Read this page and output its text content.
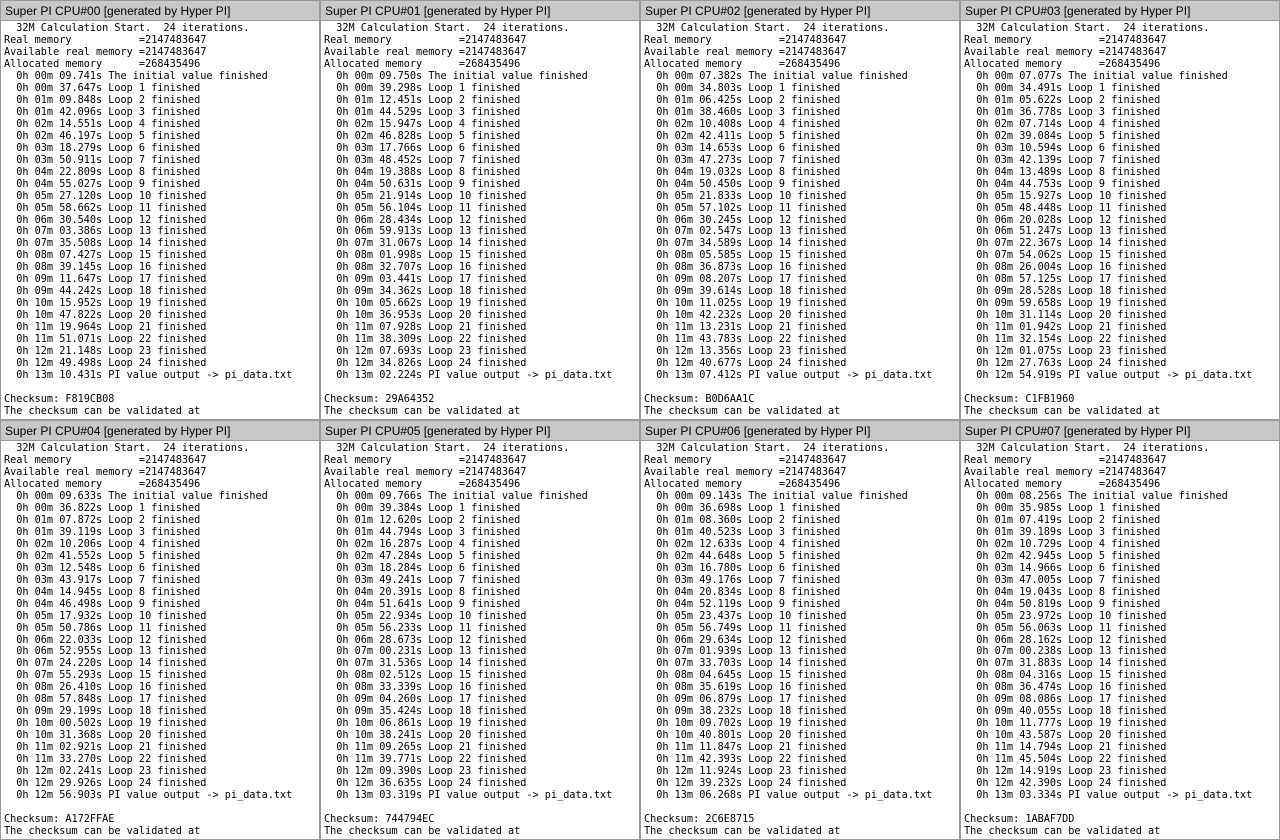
Super PI CPU#00 [generated by Hyper PI]
32M Calculation Start.  24 iterations.
Real memory           =2147483647
Available real memory =2147483647
Allocated memory      =268435496
0h 00m 09.741s The initial value finished
0h 00m 37.647s Loop 1 finished
0h 01m 09.848s Loop 2 finished
0h 01m 42.096s Loop 3 finished
0h 02m 14.551s Loop 4 finished
0h 02m 46.197s Loop 5 finished
0h 03m 18.279s Loop 6 finished
0h 03m 50.911s Loop 7 finished
0h 04m 22.809s Loop 8 finished
0h 04m 55.027s Loop 9 finished
0h 05m 27.120s Loop 10 finished
0h 05m 58.662s Loop 11 finished
0h 06m 30.540s Loop 12 finished
0h 07m 03.386s Loop 13 finished
0h 07m 35.508s Loop 14 finished
0h 08m 07.427s Loop 15 finished
0h 08m 39.145s Loop 16 finished
0h 09m 11.647s Loop 17 finished
0h 09m 44.242s Loop 18 finished
0h 10m 15.952s Loop 19 finished
0h 10m 47.822s Loop 20 finished
0h 11m 19.964s Loop 21 finished
0h 11m 51.071s Loop 22 finished
0h 12m 21.148s Loop 23 finished
0h 12m 49.498s Loop 24 finished
0h 13m 10.431s PI value output -> pi_data.txt
Checksum: F819CB08
The checksum can be validated at
Super PI CPU#01 [generated by Hyper PI]
32M Calculation Start.  24 iterations.
Real memory           =2147483647
Available real memory =2147483647
Allocated memory      =268435496
0h 00m 09.750s The initial value finished
0h 00m 39.298s Loop 1 finished
0h 01m 12.451s Loop 2 finished
0h 01m 44.529s Loop 3 finished
0h 02m 15.947s Loop 4 finished
0h 02m 46.828s Loop 5 finished
0h 03m 17.766s Loop 6 finished
0h 03m 48.452s Loop 7 finished
0h 04m 19.388s Loop 8 finished
0h 04m 50.631s Loop 9 finished
0h 05m 21.914s Loop 10 finished
0h 05m 56.104s Loop 11 finished
0h 06m 28.434s Loop 12 finished
0h 06m 59.913s Loop 13 finished
0h 07m 31.067s Loop 14 finished
0h 08m 01.998s Loop 15 finished
0h 08m 32.707s Loop 16 finished
0h 09m 03.441s Loop 17 finished
0h 09m 34.362s Loop 18 finished
0h 10m 05.662s Loop 19 finished
0h 10m 36.953s Loop 20 finished
0h 11m 07.928s Loop 21 finished
0h 11m 38.309s Loop 22 finished
0h 12m 07.693s Loop 23 finished
0h 12m 34.826s Loop 24 finished
0h 13m 02.224s PI value output -> pi_data.txt
Checksum: 29A64352
The checksum can be validated at
Super PI CPU#02 [generated by Hyper PI]
32M Calculation Start.  24 iterations.
Real memory           =2147483647
Available real memory =2147483647
Allocated memory      =268435496
0h 00m 07.382s The initial value finished
0h 00m 34.803s Loop 1 finished
0h 01m 06.425s Loop 2 finished
0h 01m 38.460s Loop 3 finished
0h 02m 10.408s Loop 4 finished
0h 02m 42.411s Loop 5 finished
0h 03m 14.653s Loop 6 finished
0h 03m 47.273s Loop 7 finished
0h 04m 19.032s Loop 8 finished
0h 04m 50.450s Loop 9 finished
0h 05m 21.833s Loop 10 finished
0h 05m 57.102s Loop 11 finished
0h 06m 30.245s Loop 12 finished
0h 07m 02.547s Loop 13 finished
0h 07m 34.589s Loop 14 finished
0h 08m 05.585s Loop 15 finished
0h 08m 36.873s Loop 16 finished
0h 09m 08.207s Loop 17 finished
0h 09m 39.614s Loop 18 finished
0h 10m 11.025s Loop 19 finished
0h 10m 42.232s Loop 20 finished
0h 11m 13.231s Loop 21 finished
0h 11m 43.783s Loop 22 finished
0h 12m 13.356s Loop 23 finished
0h 12m 40.677s Loop 24 finished
0h 13m 07.412s PI value output -> pi_data.txt
Checksum: B0D6AA1C
The checksum can be validated at
Super PI CPU#03 [generated by Hyper PI]
32M Calculation Start.  24 iterations.
Real memory           =2147483647
Available real memory =2147483647
Allocated memory      =268435496
0h 00m 07.077s The initial value finished
0h 00m 34.491s Loop 1 finished
0h 01m 05.622s Loop 2 finished
0h 01m 36.778s Loop 3 finished
0h 02m 07.714s Loop 4 finished
0h 02m 39.084s Loop 5 finished
0h 03m 10.594s Loop 6 finished
0h 03m 42.139s Loop 7 finished
0h 04m 13.489s Loop 8 finished
0h 04m 44.753s Loop 9 finished
0h 05m 15.927s Loop 10 finished
0h 05m 48.448s Loop 11 finished
0h 06m 20.028s Loop 12 finished
0h 06m 51.247s Loop 13 finished
0h 07m 22.367s Loop 14 finished
0h 07m 54.062s Loop 15 finished
0h 08m 26.004s Loop 16 finished
0h 08m 57.125s Loop 17 finished
0h 09m 28.528s Loop 18 finished
0h 09m 59.658s Loop 19 finished
0h 10m 31.114s Loop 20 finished
0h 11m 01.942s Loop 21 finished
0h 11m 32.154s Loop 22 finished
0h 12m 01.075s Loop 23 finished
0h 12m 27.763s Loop 24 finished
0h 12m 54.919s PI value output -> pi_data.txt
Checksum: C1FB1960
The checksum can be validated at
Super PI CPU#04 [generated by Hyper PI]
32M Calculation Start.  24 iterations.
Real memory           =2147483647
Available real memory =2147483647
Allocated memory      =268435496
0h 00m 09.633s The initial value finished
0h 00m 36.822s Loop 1 finished
0h 01m 07.872s Loop 2 finished
0h 01m 39.119s Loop 3 finished
0h 02m 10.206s Loop 4 finished
0h 02m 41.552s Loop 5 finished
0h 03m 12.548s Loop 6 finished
0h 03m 43.917s Loop 7 finished
0h 04m 14.945s Loop 8 finished
0h 04m 46.498s Loop 9 finished
0h 05m 17.932s Loop 10 finished
0h 05m 50.786s Loop 11 finished
0h 06m 22.033s Loop 12 finished
0h 06m 52.955s Loop 13 finished
0h 07m 24.220s Loop 14 finished
0h 07m 55.293s Loop 15 finished
0h 08m 26.410s Loop 16 finished
0h 08m 57.848s Loop 17 finished
0h 09m 29.199s Loop 18 finished
0h 10m 00.502s Loop 19 finished
0h 10m 31.368s Loop 20 finished
0h 11m 02.921s Loop 21 finished
0h 11m 33.270s Loop 22 finished
0h 12m 02.241s Loop 23 finished
0h 12m 29.926s Loop 24 finished
0h 12m 56.903s PI value output -> pi_data.txt
Checksum: A172FFAE
The checksum can be validated at
Super PI CPU#05 [generated by Hyper PI]
32M Calculation Start.  24 iterations.
Real memory           =2147483647
Available real memory =2147483647
Allocated memory      =268435496
0h 00m 09.766s The initial value finished
0h 00m 39.384s Loop 1 finished
0h 01m 12.620s Loop 2 finished
0h 01m 44.794s Loop 3 finished
0h 02m 16.287s Loop 4 finished
0h 02m 47.284s Loop 5 finished
0h 03m 18.284s Loop 6 finished
0h 03m 49.241s Loop 7 finished
0h 04m 20.391s Loop 8 finished
0h 04m 51.641s Loop 9 finished
0h 05m 22.934s Loop 10 finished
0h 05m 56.233s Loop 11 finished
0h 06m 28.673s Loop 12 finished
0h 07m 00.231s Loop 13 finished
0h 07m 31.536s Loop 14 finished
0h 08m 02.512s Loop 15 finished
0h 08m 33.339s Loop 16 finished
0h 09m 04.260s Loop 17 finished
0h 09m 35.424s Loop 18 finished
0h 10m 06.861s Loop 19 finished
0h 10m 38.241s Loop 20 finished
0h 11m 09.265s Loop 21 finished
0h 11m 39.771s Loop 22 finished
0h 12m 09.390s Loop 23 finished
0h 12m 36.635s Loop 24 finished
0h 13m 03.319s PI value output -> pi_data.txt
Checksum: 744794EC
The checksum can be validated at
Super PI CPU#06 [generated by Hyper PI]
32M Calculation Start.  24 iterations.
Real memory           =2147483647
Available real memory =2147483647
Allocated memory      =268435496
0h 00m 09.143s The initial value finished
0h 00m 36.698s Loop 1 finished
0h 01m 08.360s Loop 2 finished
0h 01m 40.523s Loop 3 finished
0h 02m 12.633s Loop 4 finished
0h 02m 44.648s Loop 5 finished
0h 03m 16.780s Loop 6 finished
0h 03m 49.176s Loop 7 finished
0h 04m 20.834s Loop 8 finished
0h 04m 52.119s Loop 9 finished
0h 05m 23.437s Loop 10 finished
0h 05m 56.749s Loop 11 finished
0h 06m 29.634s Loop 12 finished
0h 07m 01.939s Loop 13 finished
0h 07m 33.703s Loop 14 finished
0h 08m 04.645s Loop 15 finished
0h 08m 35.619s Loop 16 finished
0h 09m 06.879s Loop 17 finished
0h 09m 38.232s Loop 18 finished
0h 10m 09.702s Loop 19 finished
0h 10m 40.801s Loop 20 finished
0h 11m 11.847s Loop 21 finished
0h 11m 42.393s Loop 22 finished
0h 12m 11.924s Loop 23 finished
0h 12m 39.232s Loop 24 finished
0h 13m 06.268s PI value output -> pi_data.txt
Checksum: 2C6E8715
The checksum can be validated at
Super PI CPU#07 [generated by Hyper PI]
32M Calculation Start.  24 iterations.
Real memory           =2147483647
Available real memory =2147483647
Allocated memory      =268435496
0h 00m 08.256s The initial value finished
0h 00m 35.985s Loop 1 finished
0h 01m 07.419s Loop 2 finished
0h 01m 39.189s Loop 3 finished
0h 02m 10.729s Loop 4 finished
0h 02m 42.945s Loop 5 finished
0h 03m 14.966s Loop 6 finished
0h 03m 47.005s Loop 7 finished
0h 04m 19.043s Loop 8 finished
0h 04m 50.819s Loop 9 finished
0h 05m 23.972s Loop 10 finished
0h 05m 56.063s Loop 11 finished
0h 06m 28.162s Loop 12 finished
0h 07m 00.238s Loop 13 finished
0h 07m 31.883s Loop 14 finished
0h 08m 04.316s Loop 15 finished
0h 08m 36.474s Loop 16 finished
0h 09m 08.086s Loop 17 finished
0h 09m 40.055s Loop 18 finished
0h 10m 11.777s Loop 19 finished
0h 10m 43.587s Loop 20 finished
0h 11m 14.794s Loop 21 finished
0h 11m 45.504s Loop 22 finished
0h 12m 14.919s Loop 23 finished
0h 12m 42.390s Loop 24 finished
0h 13m 03.334s PI value output -> pi_data.txt
Checksum: 1ABAF7DD
The checksum can be validated at
